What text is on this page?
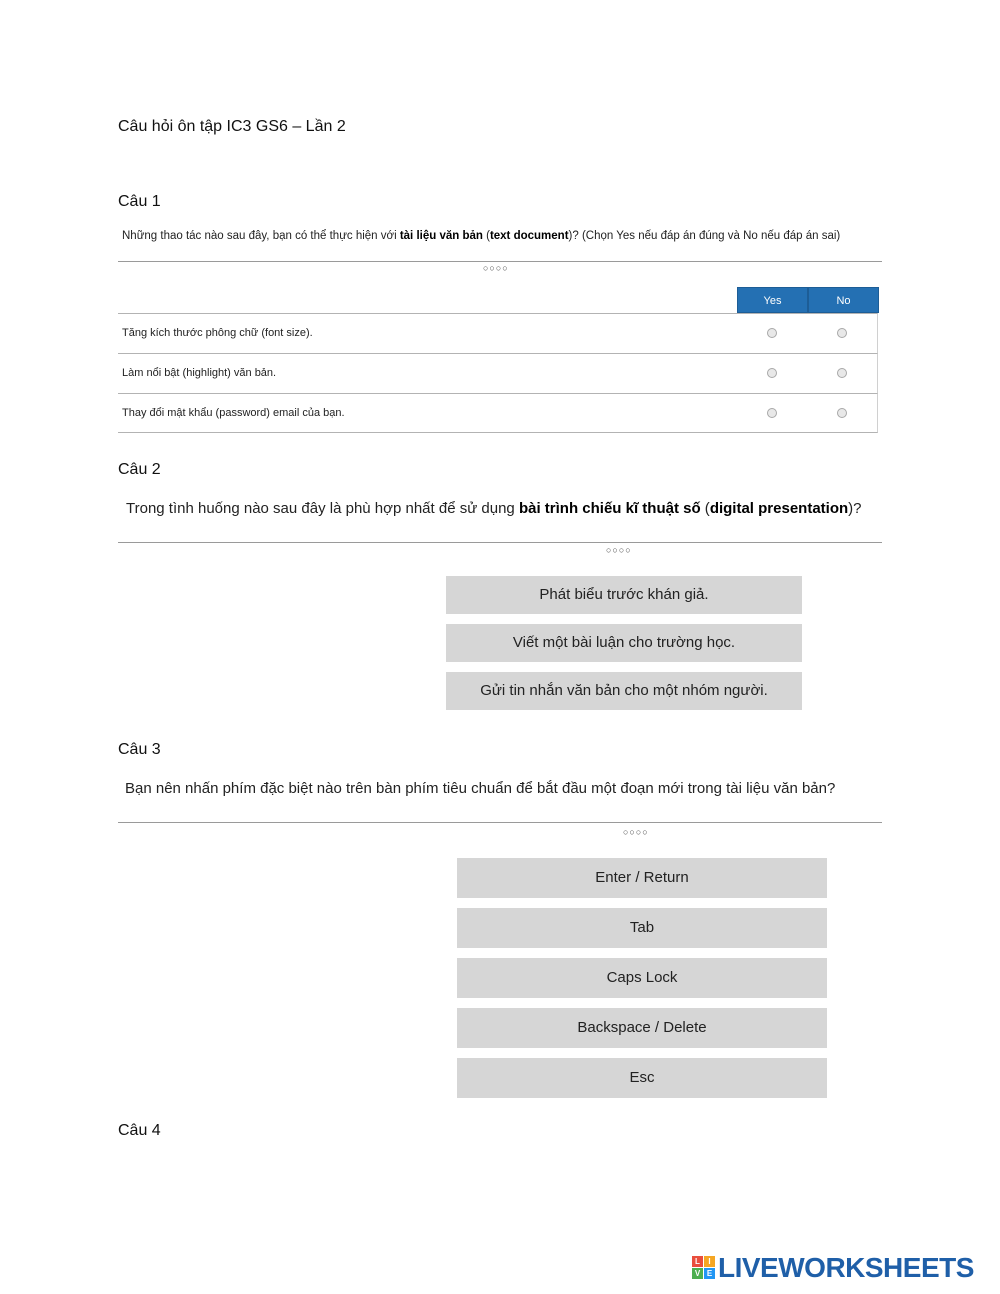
Câu hỏi ôn tập IC3 GS6 – Lần 2
Câu 1
Những thao tác nào sau đây, bạn có thể thực hiện với tài liệu văn bản (text document)? (Chọn Yes nếu đáp án đúng và No nếu đáp án sai)
○○○○
Yes	No
Tăng kích thước phông chữ (font size).
Làm nổi bật (highlight) văn bản.
Thay đổi mật khẩu (password) email của bạn.
Câu 2
Trong tình huống nào sau đây là phù hợp nhất để sử dụng bài trình chiếu kĩ thuật số (digital presentation)?
○○○○
Phát biểu trước khán giả.
Viết một bài luận cho trường học.
Gửi tin nhắn văn bản cho một nhóm người.
Câu 3
Bạn nên nhấn phím đặc biệt nào trên bàn phím tiêu chuẩn để bắt đầu một đoạn mới trong tài liệu văn bản?
○○○○
Enter / Return
Tab
Caps Lock
Backspace / Delete
Esc
Câu 4
L	I
V E LIVEWORKSHEETS
